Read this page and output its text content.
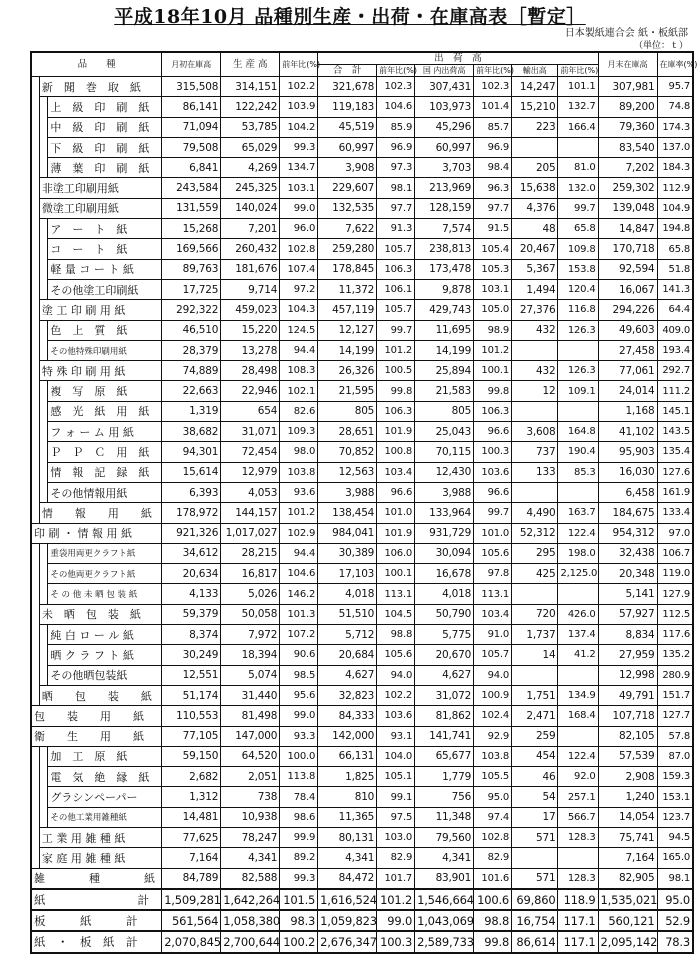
平成18年10月 品種別生産・出荷・在庫高表［暫定］
日本製紙連合会 紙・板紙部
（単位：ｔ）
品　　種			月初在庫高	生 産 高	前年比(%)	出　荷　高						月末在庫高	在庫率(%)
						合　計	前年比(%)	国 内出荷高	前年比(%)	輸出高	前年比(%)		
	新　聞　巻　取　紙		315,508	314,151	102.2	321,678	102.3	307,431	102.3	14,247	101.1	307,981	95.7
		上　級　印　刷　紙	86,141	122,242	103.9	119,183	104.6	103,973	101.4	15,210	132.7	89,200	74.8
		中　級　印　刷　紙	71,094	53,785	104.2	45,519	85.9	45,296	85.7	223	166.4	79,360	174.3
		下　級　印　刷　紙	79,508	65,029	99.3	60,997	96.9	60,997	96.9			83,540	137.0
		薄　葉　印　刷　紙	6,841	4,269	134.7	3,908	97.3	3,703	98.4	205	81.0	7,202	184.3
	非塗工印刷用紙		243,584	245,325	103.1	229,607	98.1	213,969	96.3	15,638	132.0	259,302	112.9
	微塗工印刷用紙		131,559	140,024	99.0	132,535	97.7	128,159	97.7	4,376	99.7	139,048	104.9
		ア　ー　ト　紙	15,268	7,201	96.0	7,622	91.3	7,574	91.5	48	65.8	14,847	194.8
		コ　ー　ト　紙	169,566	260,432	102.8	259,280	105.7	238,813	105.4	20,467	109.8	170,718	65.8
		軽 量 コ ー ト 紙	89,763	181,676	107.4	178,845	106.3	173,478	105.3	5,367	153.8	92,594	51.8
		その他塗工印刷紙	17,725	9,714	97.2	11,372	106.1	9,878	103.1	1,494	120.4	16,067	141.3
	塗 工 印 刷 用 紙		292,322	459,023	104.3	457,119	105.7	429,743	105.0	27,376	116.8	294,226	64.4
		色　上　質　紙	46,510	15,220	124.5	12,127	99.7	11,695	98.9	432	126.3	49,603	409.0
		その他特殊印刷用紙	28,379	13,278	94.4	14,199	101.2	14,199	101.2			27,458	193.4
	特 殊 印 刷 用 紙		74,889	28,498	108.3	26,326	100.5	25,894	100.1	432	126.3	77,061	292.7
		複　写　原　紙	22,663	22,946	102.1	21,595	99.8	21,583	99.8	12	109.1	24,014	111.2
		感　光　紙　用　紙	1,319	654	82.6	805	106.3	805	106.3			1,168	145.1
		フ ォ ー ム 用 紙	38,682	31,071	109.3	28,651	101.9	25,043	96.6	3,608	164.8	41,102	143.5
		Ｐ　Ｐ　Ｃ　用　紙	94,301	72,454	98.0	70,852	100.8	70,115	100.3	737	190.4	95,903	135.4
		情　報　記　録　紙	15,614	12,979	103.8	12,563	103.4	12,430	103.6	133	85.3	16,030	127.6
		その他情報用紙	6,393	4,053	93.6	3,988	96.6	3,988	96.6			6,458	161.9
	情　　報　　用　　紙		178,972	144,157	101.2	138,454	101.0	133,964	99.7	4,490	163.7	184,675	133.4
印 刷 ・ 情 報 用 紙			921,326	1,017,027	102.9	984,041	101.9	931,729	101.0	52,312	122.4	954,312	97.0
		重袋用両更クラフト紙	34,612	28,215	94.4	30,389	106.0	30,094	105.6	295	198.0	32,438	106.7
		その他両更クラフト紙	20,634	16,817	104.6	17,103	100.1	16,678	97.8	425	2,125.0	20,348	119.0
		そ の 他 未 晒 包 装 紙	4,133	5,026	146.2	4,018	113.1	4,018	113.1			5,141	127.9
	未　晒　包　装　紙		59,379	50,058	101.3	51,510	104.5	50,790	103.4	720	426.0	57,927	112.5
		純 白 ロ ー ル 紙	8,374	7,972	107.2	5,712	98.8	5,775	91.0	1,737	137.4	8,834	117.6
		晒 ク ラ フ ト 紙	30,249	18,394	90.6	20,684	105.6	20,670	105.7	14	41.2	27,959	135.2
		その他晒包装紙	12,551	5,074	98.5	4,627	94.0	4,627	94.0			12,998	280.9
	晒　　包　　装　　紙		51,174	31,440	95.6	32,823	102.2	31,072	100.9	1,751	134.9	49,791	151.7
包　　装　　用　　紙			110,553	81,498	99.0	84,333	103.6	81,862	102.4	2,471	168.4	107,718	127.7
衛　　生　　用　　紙			77,105	147,000	93.3	142,000	93.1	141,741	92.9	259		82,105	57.8
		加　工　原　紙	59,150	64,520	100.0	66,131	104.0	65,677	103.8	454	122.4	57,539	87.0
		電　気　絶　縁　紙	2,682	2,051	113.8	1,825	105.1	1,779	105.5	46	92.0	2,908	159.3
		グラシンペーパー	1,312	738	78.4	810	99.1	756	95.0	54	257.1	1,240	153.1
		その他工業用雑種紙	14,481	10,938	98.6	11,365	97.5	11,348	97.4	17	566.7	14,054	123.7
	工 業 用 雑 種 紙		77,625	78,247	99.9	80,131	103.0	79,560	102.8	571	128.3	75,741	94.5
	家 庭 用 雑 種 紙		7,164	4,341	89.2	4,341	82.9	4,341	82.9			7,164	165.0
雑　　　　種　　　　紙			84,789	82,588	99.3	84,472	101.7	83,901	101.6	571	128.3	82,905	98.1
紙　　　　　　　　計			1,509,281	1,642,264	101.5	1,616,524	101.2	1,546,664	100.6	69,860	118.9	1,535,021	95.0
板　　　紙　　　計			561,564	1,058,380	98.3	1,059,823	99.0	1,043,069	98.8	16,754	117.1	560,121	52.9
紙　・　板　紙　計			2,070,845	2,700,644	100.2	2,676,347	100.3	2,589,733	99.8	86,614	117.1	2,095,142	78.3
